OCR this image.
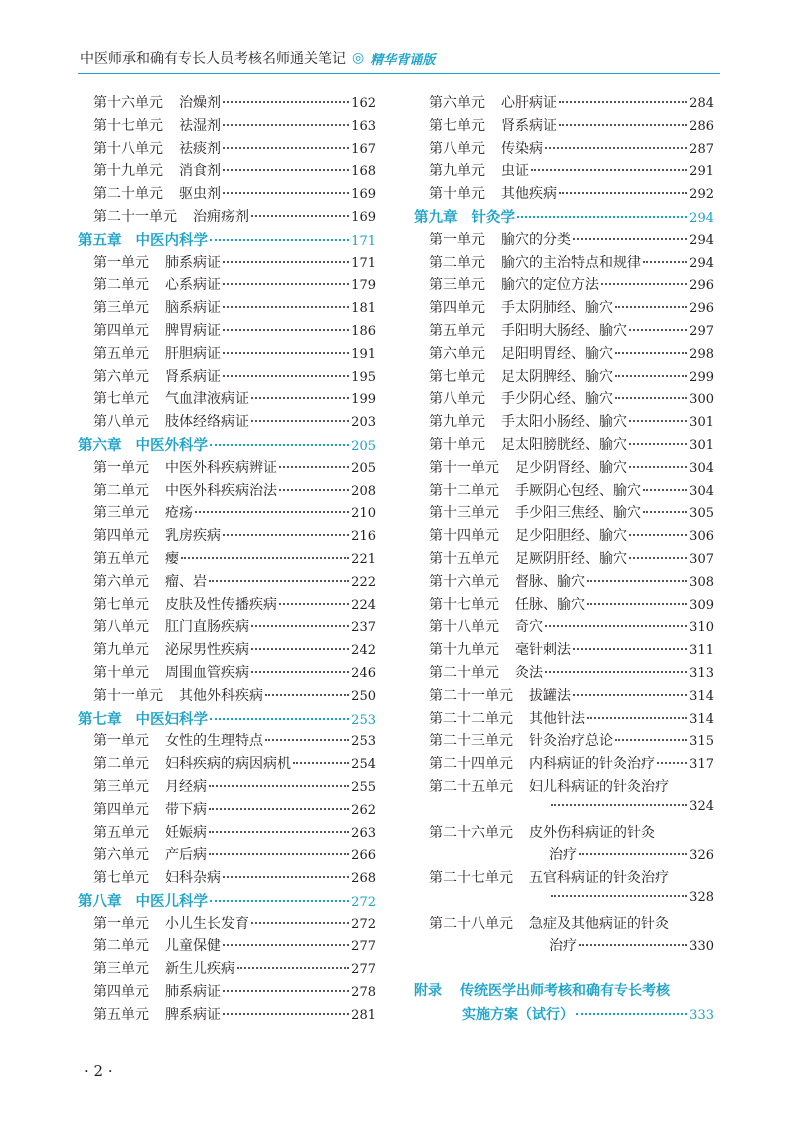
中医师承和确有专长人员考核名师通关笔记 ◎ 精华背诵版
第十六单元 治燥剂	162
第十七单元 祛湿剂	163
第十八单元 祛痰剂	167
第十九单元 消食剂	168
第二十单元 驱虫剂	169
第二十一单元 治痈疡剂	169
第五章 中医内科学	171
第一单元 肺系病证	171
第二单元 心系病证	179
第三单元 脑系病证	181
第四单元 脾胃病证	186
第五单元 肝胆病证	191
第六单元 肾系病证	195
第七单元 气血津液病证	199
第八单元 肢体经络病证	203
第六章 中医外科学	205
第一单元 中医外科疾病辨证	205
第二单元 中医外科疾病治法	208
第三单元 疮疡	210
第四单元 乳房疾病	216
第五单元 瘿	221
第六单元 瘤、岩	222
第七单元 皮肤及性传播疾病	224
第八单元 肛门直肠疾病	237
第九单元 泌尿男性疾病	242
第十单元 周围血管疾病	246
第十一单元 其他外科疾病	250
第七章 中医妇科学	253
第一单元 女性的生理特点	253
第二单元 妇科疾病的病因病机	254
第三单元 月经病	255
第四单元 带下病	262
第五单元 妊娠病	263
第六单元 产后病	266
第七单元 妇科杂病	268
第八章 中医儿科学	272
第一单元 小儿生长发育	272
第二单元 儿童保健	277
第三单元 新生儿疾病	277
第四单元 肺系病证	278
第五单元 脾系病证	281
第六单元 心肝病证	284
第七单元 肾系病证	286
第八单元 传染病	287
第九单元 虫证	291
第十单元 其他疾病	292
第九章 针灸学	294
第一单元 腧穴的分类	294
第二单元 腧穴的主治特点和规律	294
第三单元 腧穴的定位方法	296
第四单元 手太阴肺经、腧穴	296
第五单元 手阳明大肠经、腧穴	297
第六单元 足阳明胃经、腧穴	298
第七单元 足太阴脾经、腧穴	299
第八单元 手少阴心经、腧穴	300
第九单元 手太阳小肠经、腧穴	301
第十单元 足太阳膀胱经、腧穴	301
第十一单元 足少阴肾经、腧穴	304
第十二单元 手厥阴心包经、腧穴	304
第十三单元 手少阳三焦经、腧穴	305
第十四单元 足少阳胆经、腧穴	306
第十五单元 足厥阴肝经、腧穴	307
第十六单元 督脉、腧穴	308
第十七单元 任脉、腧穴	309
第十八单元 奇穴	310
第十九单元 毫针刺法	311
第二十单元 灸法	313
第二十一单元 拔罐法	314
第二十二单元 其他针法	314
第二十三单元 针灸治疗总论	315
第二十四单元 内科病证的针灸治疗	317
第二十五单元 妇儿科病证的针灸治疗
324
第二十六单元 皮外伤科病证的针灸
治疗	326
第二十七单元 五官科病证的针灸治疗
328
第二十八单元 急症及其他病证的针灸
治疗	330
附录 传统医学出师考核和确有专长考核
实施方案（试行）	333
· 2 ·
